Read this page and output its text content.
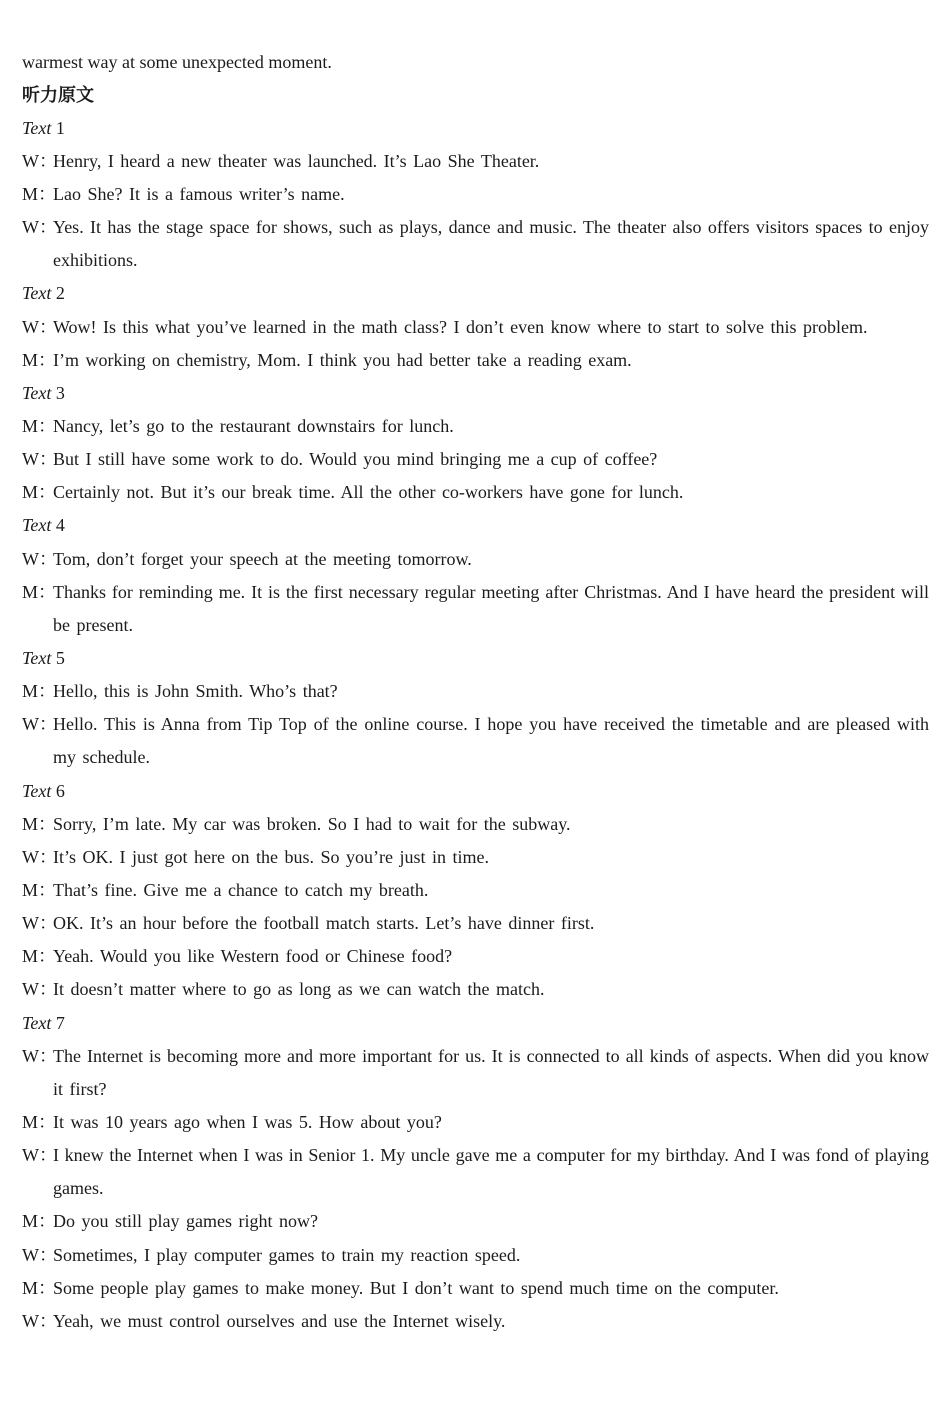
warmest way at some unexpected moment.
听力原文
Text 1
W：
Henry, I heard a new theater was launched. It’s Lao She Theater.
M：
Lao She? It is a famous writer’s name.
W：
Yes. It has the stage space for shows, such as plays, dance and music. The theater also offers visitors spaces to enjoy
exhibitions.
Text 2
W：
Wow! Is this what you’ve learned in the math class? I don’t even know where to start to solve this problem.
M：
I’m working on chemistry, Mom. I think you had better take a reading exam.
Text 3
M：
Nancy, let’s go to the restaurant downstairs for lunch.
W：
But I still have some work to do. Would you mind bringing me a cup of coffee?
M：
Certainly not. But it’s our break time. All the other co-workers have gone for lunch.
Text 4
W：
Tom, don’t forget your speech at the meeting tomorrow.
M：
Thanks for reminding me. It is the first necessary regular meeting after Christmas. And I have heard the president will
be present.
Text 5
M：
Hello, this is John Smith. Who’s that?
W：
Hello. This is Anna from Tip Top of the online course. I hope you have received the timetable and are pleased with
my schedule.
Text 6
M：
Sorry, I’m late. My car was broken. So I had to wait for the subway.
W：
It’s OK. I just got here on the bus. So you’re just in time.
M：
That’s fine. Give me a chance to catch my breath.
W：
OK. It’s an hour before the football match starts. Let’s have dinner first.
M：
Yeah. Would you like Western food or Chinese food?
W：
It doesn’t matter where to go as long as we can watch the match.
Text 7
W：
The Internet is becoming more and more important for us. It is connected to all kinds of aspects. When did you know
it first?
M：
It was 10 years ago when I was 5. How about you?
W：
I knew the Internet when I was in Senior 1. My uncle gave me a computer for my birthday. And I was fond of playing
games.
M：
Do you still play games right now?
W：
Sometimes, I play computer games to train my reaction speed.
M：
Some people play games to make money. But I don’t want to spend much time on the computer.
W：
Yeah, we must control ourselves and use the Internet wisely.
